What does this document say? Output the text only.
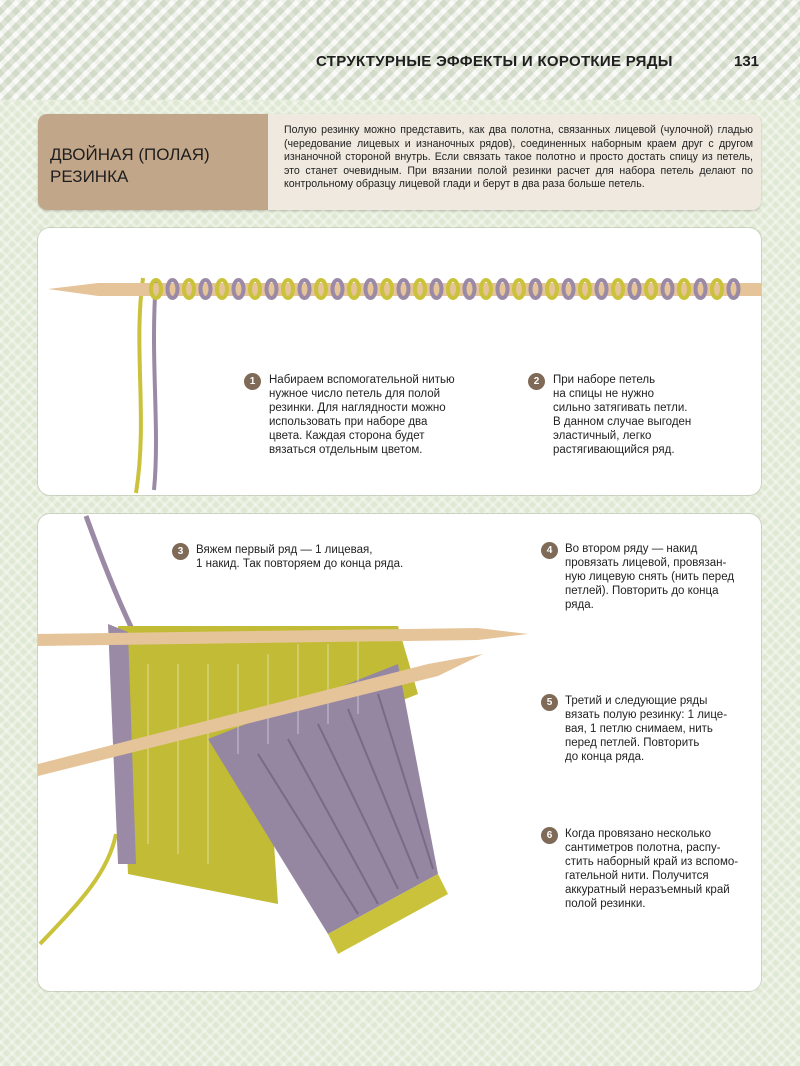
СТРУКТУРНЫЕ ЭФФЕКТЫ И КОРОТКИЕ РЯДЫ	131
ДВОЙНАЯ (ПОЛАЯ)
РЕЗИНКА
Полую резинку можно представить, как два полотна, связанных лицевой (чулочной) гладью (чередование лицевых и изнаночных рядов), соединенных наборным краем друг с другом изнаночной стороной внутрь. Если связать такое полотно и просто достать спицу из петель, это станет очевидным. При вязании полой резинки расчет для набора петель делают по контрольному образцу лицевой глади и берут в два раза больше петель.
1	Набираем вспомогательной нитью
нужное число петель для полой
резинки. Для наглядности можно
использовать при наборе два
цвета. Каждая сторона будет
вязаться отдельным цветом.
2	При наборе петель
на спицы не нужно
сильно затягивать петли.
В данном случае выгоден
эластичный, легко
растягивающийся ряд.
3	Вяжем первый ряд — 1 лицевая,
1 накид. Так повторяем до конца ряда.
4	Во втором ряду — накид
провязать лицевой, провязан-
ную лицевую снять (нить перед
петлей). Повторить до конца
ряда.
5	Третий и следующие ряды
вязать полую резинку: 1 лице-
вая, 1 петлю снимаем, нить
перед петлей. Повторить
до конца ряда.
6	Когда провязано несколько
сантиметров полотна, распу-
стить наборный край из вспомо-
гательной нити. Получится
аккуратный неразъемный край
полой резинки.
